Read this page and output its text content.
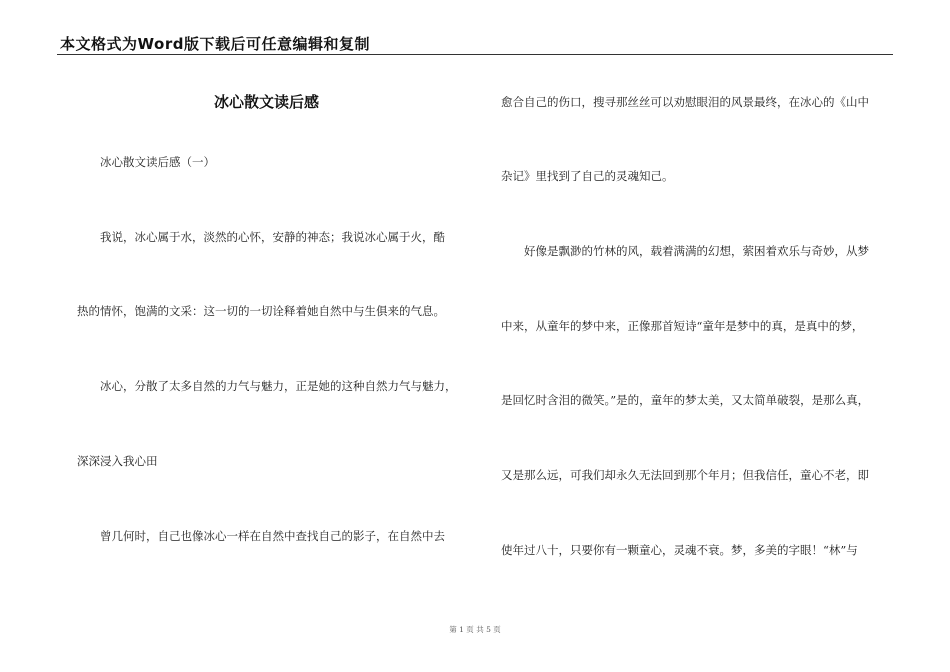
本文格式为Word版下载后可任意编辑和复制
冰心散文读后感
冰心散文读后感（一）
我说，冰心属于水，淡然的心怀，安静的神态；我说冰心属于火，酷
热的情怀，饱满的文采：这一切的一切诠释着她自然中与生俱来的气息。
冰心，分散了太多自然的力气与魅力，正是她的这种自然力气与魅力，
深深浸入我心田
曾几何时，自己也像冰心一样在自然中查找自己的影子，在自然中去
愈合自己的伤口，搜寻那丝丝可以劝慰眼泪的风景最终，在冰心的《山中
杂记》里找到了自己的灵魂知己。
好像是飘渺的竹林的风，载着满满的幻想，萦困着欢乐与奇妙，从梦
中来，从童年的梦中来，正像那首短诗“童年是梦中的真，是真中的梦，
是回忆时含泪的微笑。”是的，童年的梦太美，又太简单破裂，是那么真，
又是那么远，可我们却永久无法回到那个年月；但我信任，童心不老，即
使年过八十，只要你有一颗童心，灵魂不衰。梦，多美的字眼！“林”与
第 1 页 共 5 页
